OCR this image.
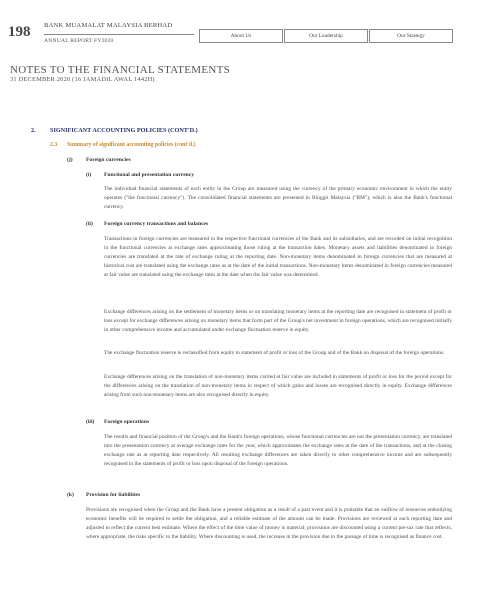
198 BANK MUAMALAT MALAYSIA BERHAD
ANNUAL REPORT FY2020
About Us	Our Leadership	Our Strategy
NOTES TO THE FINANCIAL STATEMENTS
31 DECEMBER 2020 (16 JAMADIL AWAL 1442H)
2. SIGNIFICANT ACCOUNTING POLICIES (CONT'D.)
2.3 Summary of significant accounting policies (cont'd.)
(j) Foreign currencies
(i) Functional and presentation currency

The individual financial statements of each entity in the Group are measured using the currency of the primary economic environment in which the entity operates ("the functional currency"). The consolidated financial statements are presented in Ringgit Malaysia ("RM"), which is also the Bank's functional currency.

(ii) Foreign currency transactions and balances

Transactions in foreign currencies are measured in the respective functional currencies of the Bank and its subsidiaries, and are recorded on initial recognition in the functional currencies at exchange rates approximating those ruling at the transaction dates. Monetary assets and liabilities denominated in foreign currencies are translated at the rate of exchange ruling at the reporting date. Non-monetary items denominated in foreign currencies that are measured at historical cost are translated using the exchange rates as at the date of the initial transactions. Non-monetary items denominated in foreign currencies measured at fair value are translated using the exchange rates at the date when the fair value was determined.

Exchange differences arising on the settlement of monetary items or on translating monetary items at the reporting date are recognised in statement of profit or loss except for exchange differences arising on monetary items that form part of the Group's net investment in foreign operations, which are recognised initially in other comprehensive income and accumulated under exchange fluctuation reserve in equity.

The exchange fluctuation reserve is reclassified from equity to statement of profit or loss of the Group and of the Bank on disposal of the foreign operations.

Exchange differences arising on the translation of non-monetary items carried at fair value are included in statements of profit or loss for the period except for the differences arising on the translation of non-monetary items in respect of which gains and losses are recognised directly in equity. Exchange differences arising from such non-monetary items are also recognised directly in equity.

(iii) Foreign operations

The results and financial position of the Group's and the Bank's foreign operations, whose functional currencies are not the presentation currency, are translated into the presentation currency at average exchange rates for the year, which approximates the exchange rates at the date of the transactions, and at the closing exchange rate as at reporting date respectively. All resulting exchange differences are taken directly to other comprehensive income and are subsequently recognised in the statements of profit or loss upon disposal of the foreign operations.

(k) Provision for liabilities

Provisions are recognised when the Group and the Bank have a present obligation as a result of a past event and it is probable that an outflow of resources embodying economic benefits will be required to settle the obligation, and a reliable estimate of the amount can be made. Provisions are reviewed at each reporting date and adjusted to reflect the current best estimate. Where the effect of the time value of money is material, provisions are discounted using a current pre-tax rate that reflects, where appropriate, the risks specific to the liability. Where discounting is used, the increase in the provision due to the passage of time is recognised as finance cost.
